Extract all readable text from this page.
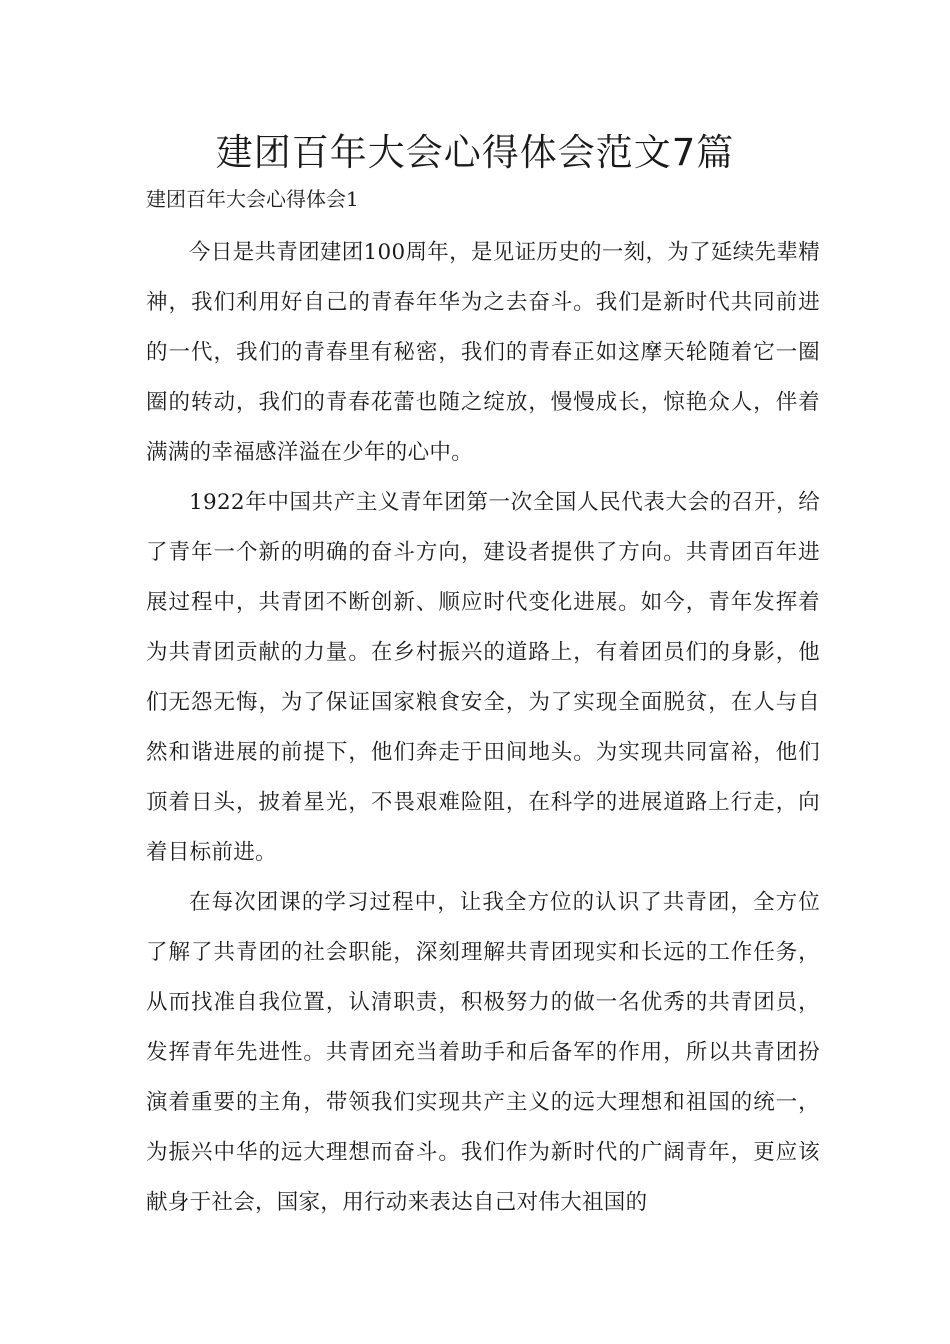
建团百年大会心得体会范文7篇
建团百年大会心得体会1

今日是共青团建团100周年，是见证历史的一刻，为了延续先辈精神，我们利用好自己的青春年华为之去奋斗。我们是新时代共同前进的一代，我们的青春里有秘密，我们的青春正如这摩天轮随着它一圈圈的转动，我们的青春花蕾也随之绽放，慢慢成长，惊艳众人，伴着满满的幸福感洋溢在少年的心中。

1922年中国共产主义青年团第一次全国人民代表大会的召开，给了青年一个新的明确的奋斗方向，建设者提供了方向。共青团百年进展过程中，共青团不断创新、顺应时代变化进展。如今，青年发挥着为共青团贡献的力量。在乡村振兴的道路上，有着团员们的身影，他们无怨无悔，为了保证国家粮食安全，为了实现全面脱贫，在人与自然和谐进展的前提下，他们奔走于田间地头。为实现共同富裕，他们顶着日头，披着星光，不畏艰难险阻，在科学的进展道路上行走，向着目标前进。

在每次团课的学习过程中，让我全方位的认识了共青团，全方位了解了共青团的社会职能，深刻理解共青团现实和长远的工作任务，从而找准自我位置，认清职责，积极努力的做一名优秀的共青团员，发挥青年先进性。共青团充当着助手和后备军的作用，所以共青团扮演着重要的主角，带领我们实现共产主义的远大理想和祖国的统一，为振兴中华的远大理想而奋斗。我们作为新时代的广阔青年，更应该献身于社会，国家，用行动来表达自己对伟大祖国的
